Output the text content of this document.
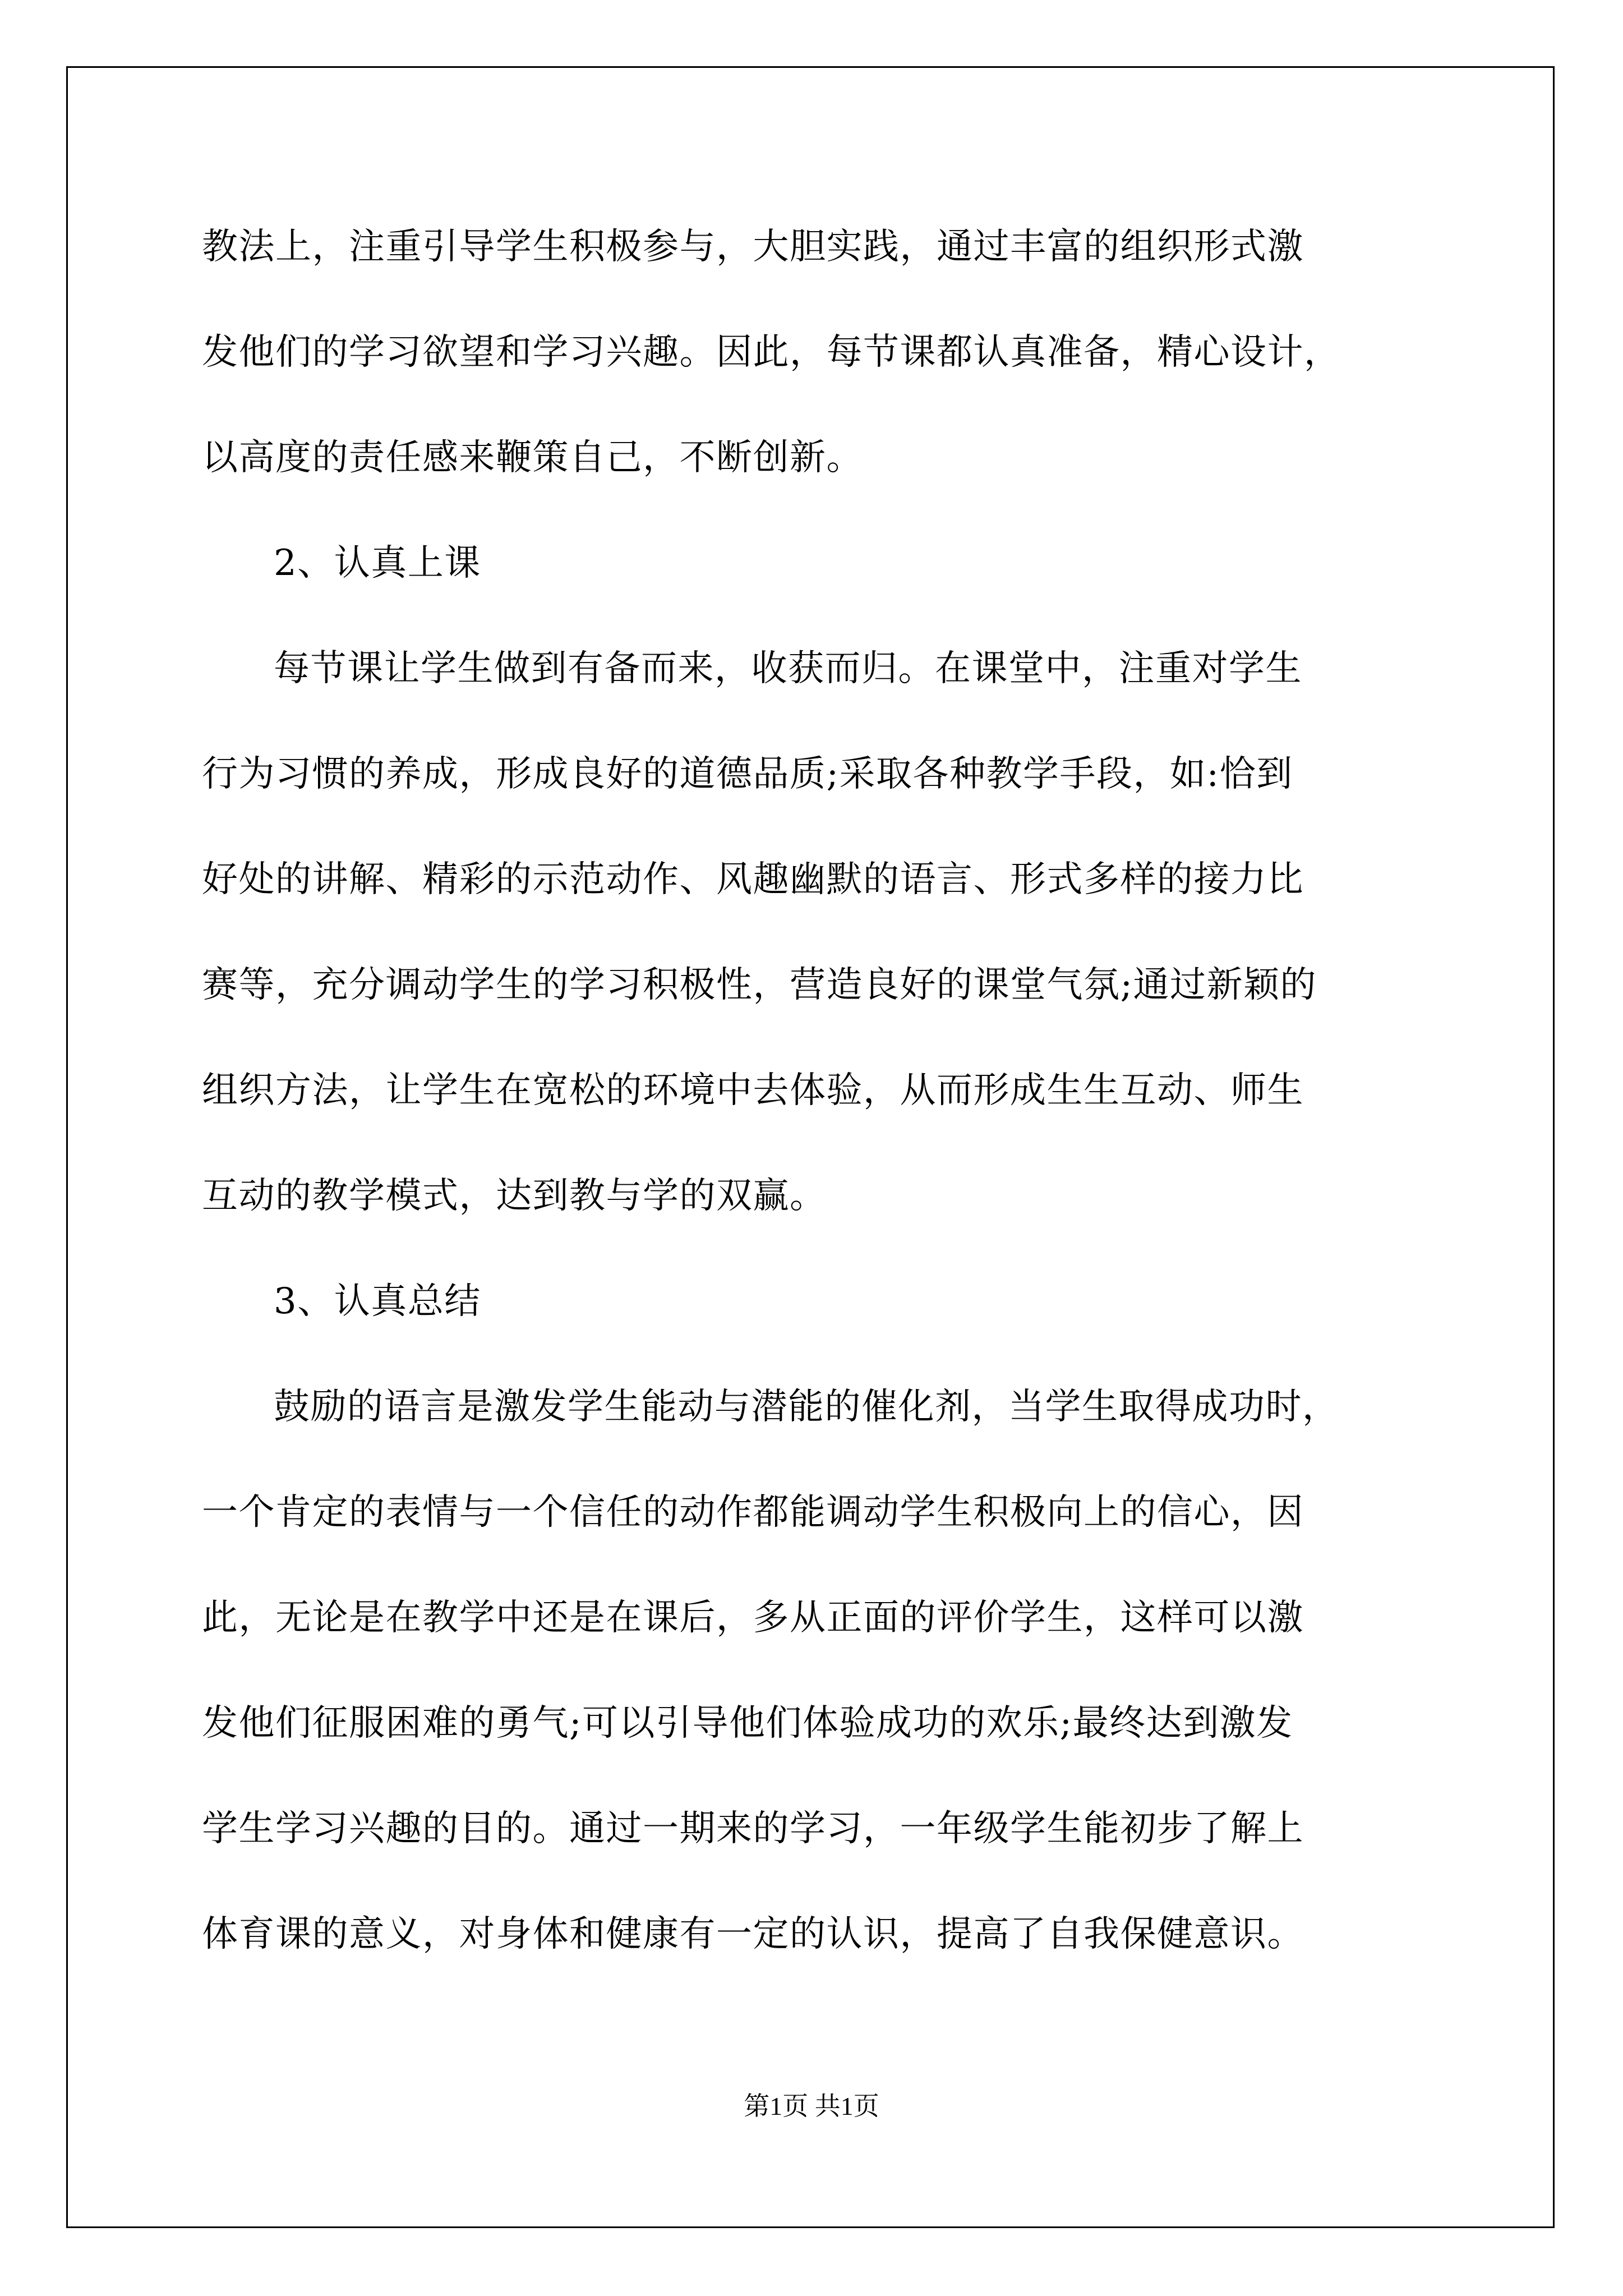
教法上，注重引导学生积极参与，大胆实践，通过丰富的组织形式激
发他们的学习欲望和学习兴趣。因此，每节课都认真准备，精心设计，
以高度的责任感来鞭策自己，不断创新。
2、认真上课
每节课让学生做到有备而来，收获而归。在课堂中，注重对学生
行为习惯的养成，形成良好的道德品质;采取各种教学手段，如:恰到
好处的讲解、精彩的示范动作、风趣幽默的语言、形式多样的接力比
赛等，充分调动学生的学习积极性，营造良好的课堂气氛;通过新颖的
组织方法，让学生在宽松的环境中去体验，从而形成生生互动、师生
互动的教学模式，达到教与学的双赢。
3、认真总结
鼓励的语言是激发学生能动与潜能的催化剂，当学生取得成功时，
一个肯定的表情与一个信任的动作都能调动学生积极向上的信心，因
此，无论是在教学中还是在课后，多从正面的评价学生，这样可以激
发他们征服困难的勇气;可以引导他们体验成功的欢乐;最终达到激发
学生学习兴趣的目的。通过一期来的学习，一年级学生能初步了解上
体育课的意义，对身体和健康有一定的认识，提高了自我保健意识。
第1页 共1页
